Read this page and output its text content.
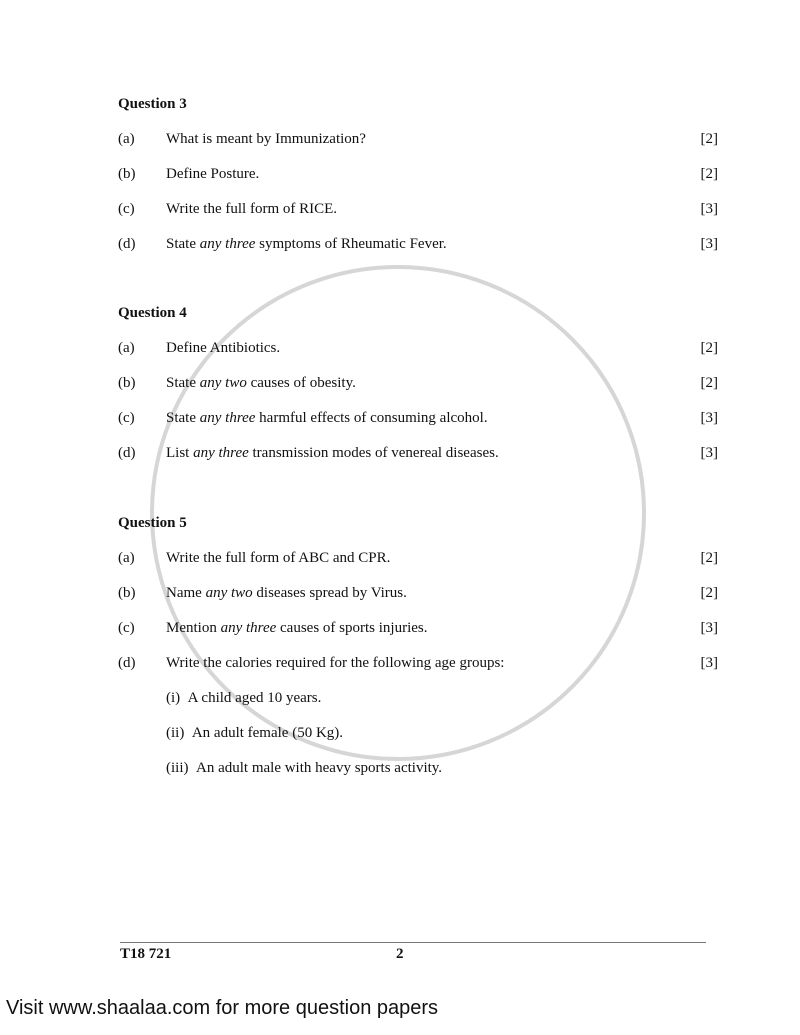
Question 3
(a) What is meant by Immunization?	[2]
(b) Define Posture.	[2]
(c) Write the full form of RICE.	[3]
(d) State any three symptoms of Rheumatic Fever.	[3]
Question 4
(a) Define Antibiotics.	[2]
(b) State any two causes of obesity.	[2]
(c) State any three harmful effects of consuming alcohol.	[3]
(d) List any three transmission modes of venereal diseases.	[3]
Question 5
(a) Write the full form of ABC and CPR.	[2]
(b) Name any two diseases spread by Virus.	[2]
(c) Mention any three causes of sports injuries.	[3]
(d) Write the calories required for the following age groups:	[3]
(i) A child aged 10 years.
(ii) An adult female (50 Kg).
(iii) An adult male with heavy sports activity.
T18 721	2
Visit www.shaalaa.com for more question papers
